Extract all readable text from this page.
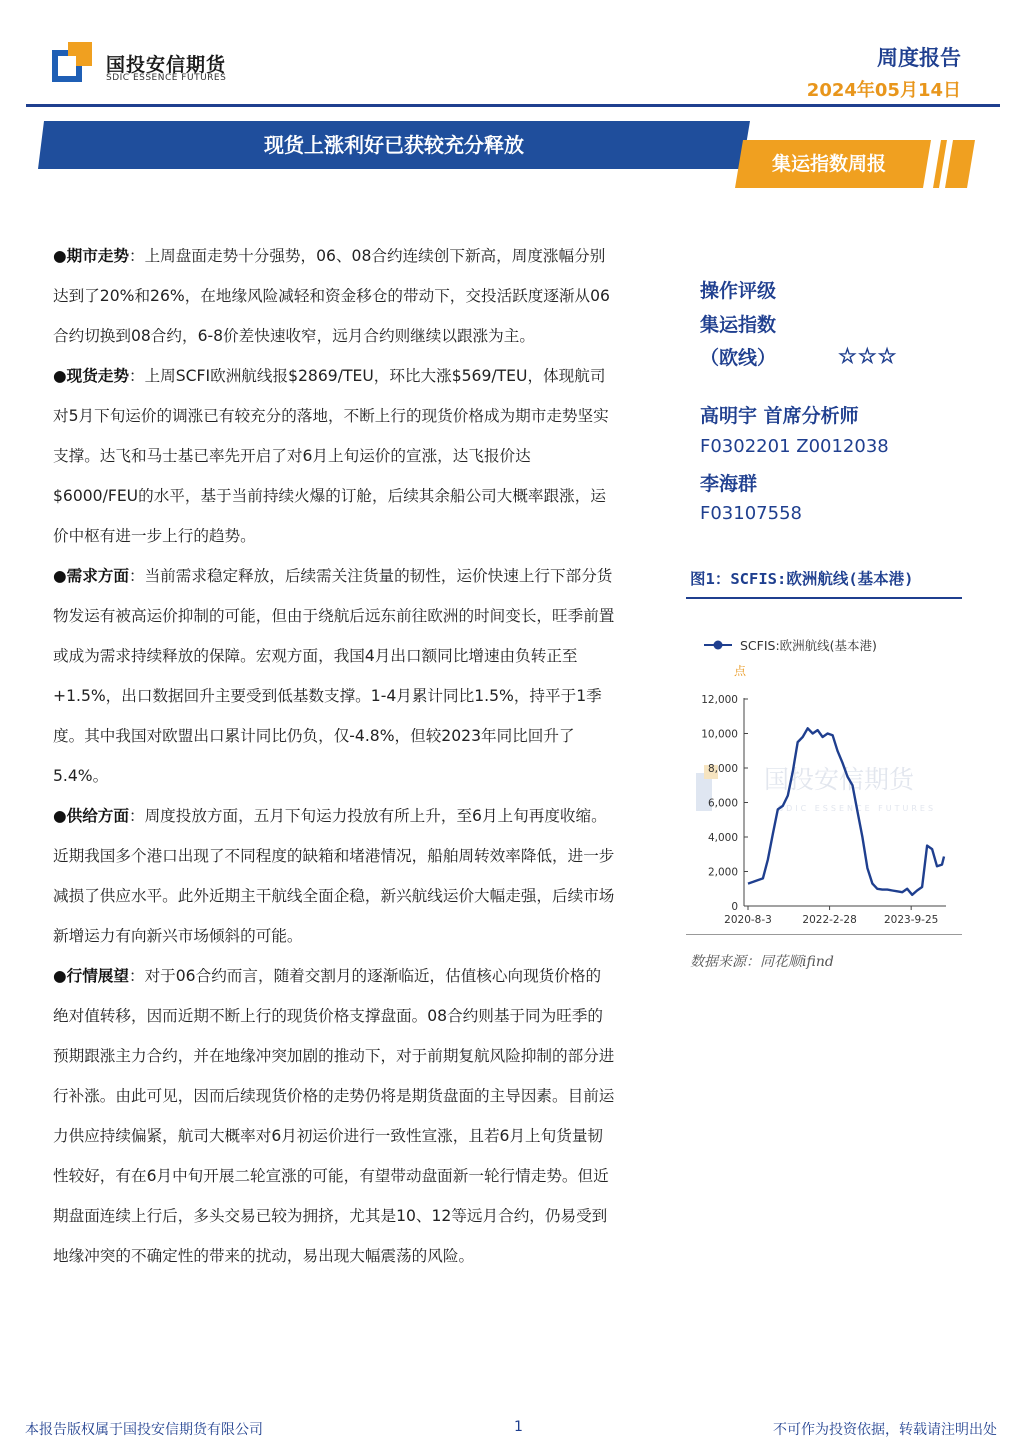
国投安信期货
SDIC ESSENCE FUTURES
周度报告
2024年05月14日
现货上涨利好已获较充分释放
集运指数周报

●期市走势：上周盘面走势十分强势，06、08合约连续创下新高，周度涨幅分别达到了20%和26%，在地缘风险减轻和资金移仓的带动下，交投活跃度逐渐从06合约切换到08合约，6-8价差快速收窄，远月合约则继续以跟涨为主。

●现货走势：上周SCFI欧洲航线报$2869/TEU，环比大涨$569/TEU，体现航司对5月下旬运价的调涨已有较充分的落地，不断上行的现货价格成为期市走势坚实支撑。达飞和马士基已率先开启了对6月上旬运价的宣涨，达飞报价达$6000/FEU的水平，基于当前持续火爆的订舱，后续其余船公司大概率跟涨，运价中枢有进一步上行的趋势。

●需求方面：当前需求稳定释放，后续需关注货量的韧性，运价快速上行下部分货物发运有被高运价抑制的可能，但由于绕航后远东前往欧洲的时间变长，旺季前置或成为需求持续释放的保障。宏观方面，我国4月出口额同比增速由负转正至+1.5%，出口数据回升主要受到低基数支撑。1-4月累计同比1.5%，持平于1季度。其中我国对欧盟出口累计同比仍负，仅-4.8%，但较2023年同比回升了5.4%。

●供给方面：周度投放方面，五月下旬运力投放有所上升，至6月上旬再度收缩。近期我国多个港口出现了不同程度的缺箱和堵港情况，船舶周转效率降低，进一步减损了供应水平。此外近期主干航线全面企稳，新兴航线运价大幅走强，后续市场新增运力有向新兴市场倾斜的可能。

●行情展望：对于06合约而言，随着交割月的逐渐临近，估值核心向现货价格的绝对值转移，因而近期不断上行的现货价格支撑盘面。08合约则基于同为旺季的预期跟涨主力合约，并在地缘冲突加剧的推动下，对于前期复航风险抑制的部分进行补涨。由此可见，因而后续现货价格的走势仍将是期货盘面的主导因素。目前运力供应持续偏紧，航司大概率对6月初运价进行一致性宣涨，且若6月上旬货量韧性较好，有在6月中旬开展二轮宣涨的可能，有望带动盘面新一轮行情走势。但近期盘面连续上行后，多头交易已较为拥挤，尤其是10、12等远月合约，仍易受到地缘冲突的不确定性的带来的扰动，易出现大幅震荡的风险。

操作评级
集运指数
（欧线）	☆☆☆
高明宇 首席分析师
F0302201 Z0012038
李海群
F03107558
图1：SCFIS:欧洲航线(基本港)
国投安信期货
SDIC ESSENCE FUTURES
SCFIS:欧洲航线(基本港)
点
12,000
10,000
8,000
6,000
4,000
2,000
0
2020-8-3	2022-2-28	2023-9-25
数据来源：同花顺ifind
本报告版权属于国投安信期货有限公司	1	不可作为投资依据，转载请注明出处
